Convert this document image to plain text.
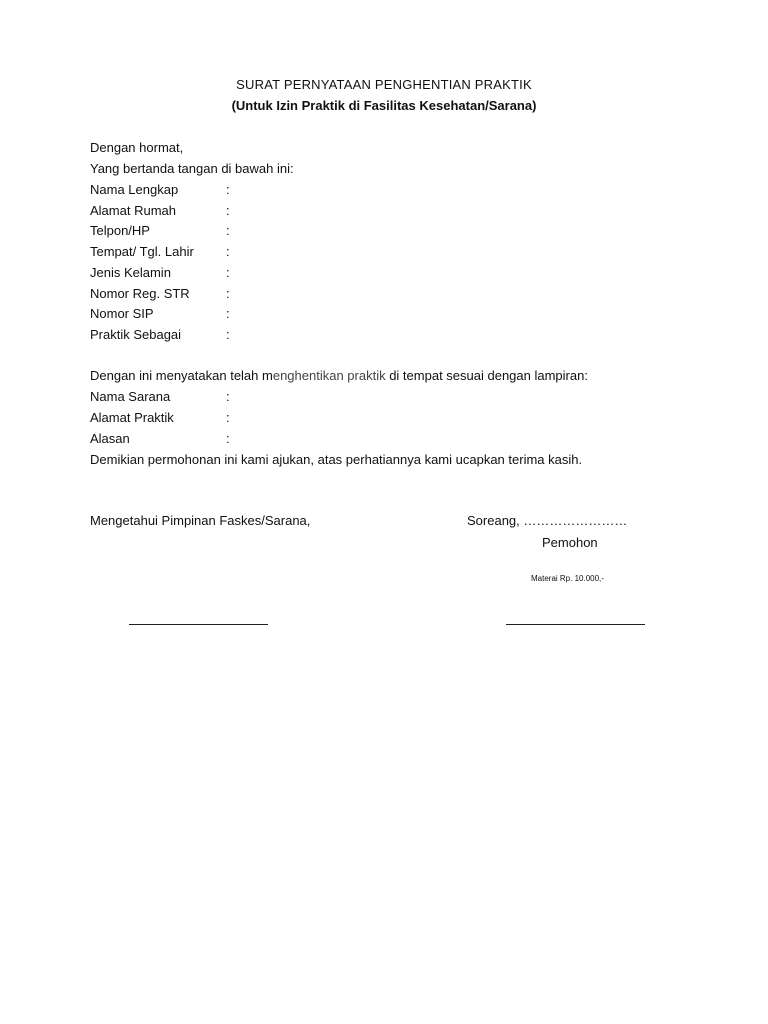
SURAT PERNYATAAN PENGHENTIAN PRAKTIK
(Untuk Izin Praktik di Fasilitas Kesehatan/Sarana)
Dengan hormat,
Yang bertanda tangan di bawah ini:
Nama Lengkap	:
Alamat Rumah	:
Telpon/HP	:
Tempat/ Tgl. Lahir :
Jenis Kelamin	:
Nomor Reg. STR	:
Nomor SIP	:
Praktik Sebagai	:
Dengan ini menyatakan telah menghentikan praktik di tempat sesuai dengan lampiran:
Nama Sarana	:
Alamat Praktik	:
Alasan	:
Demikian permohonan ini kami ajukan, atas perhatiannya kami ucapkan terima kasih.
Mengetahui Pimpinan Faskes/Sarana,	Soreang, ……………………
Pemohon
Materai Rp. 10.000,-
